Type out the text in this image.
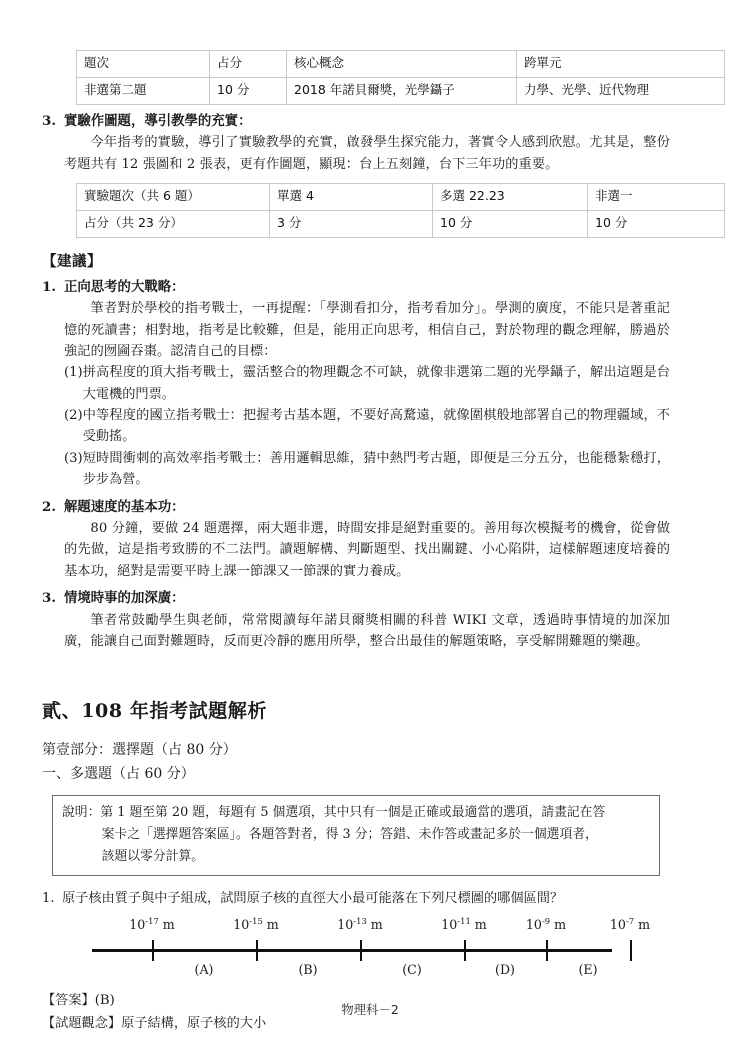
題次	占分	核心概念	跨單元
非選第二題	10 分	2018 年諾貝爾獎，光學鑷子	力學、光學、近代物理
3. 實驗作圖題，導引教學的充實：

今年指考的實驗，導引了實驗教學的充實，啟發學生探究能力，著實令人感到欣慰。尤其是，整份考題共有 12 張圖和 2 張表，更有作圖題，顯現：台上五刻鐘，台下三年功的重要。

實驗題次（共 6 題）	單選 4	多選 22.23	非選一
占分（共 23 分）	3 分	10 分	10 分

【建議】

1. 正向思考的大戰略：

筆者對於學校的指考戰士，一再提醒：「學測看扣分，指考看加分」。學測的廣度，不能只是著重記憶的死讀書；相對地，指考是比較難，但是，能用正向思考，相信自己，對於物理的觀念理解，勝過於強記的囫圇吞棗。認清自己的目標：

(1) 拼高程度的頂大指考戰士，靈活整合的物理觀念不可缺，就像非選第二題的光學鑷子，解出這題是台大電機的門票。
(2) 中等程度的國立指考戰士：把握考古基本題，不要好高騖遠，就像圍棋般地部署自己的物理疆域，不受動搖。
(3) 短時間衝刺的高效率指考戰士：善用邏輯思維，猜中熱門考古題，即便是三分五分，也能穩紮穩打，步步為營。
2. 解題速度的基本功：

80 分鐘，要做 24 題選擇，兩大題非選，時間安排是絕對重要的。善用每次模擬考的機會，從會做的先做，這是指考致勝的不二法門。讀題解構、判斷題型、找出關鍵、小心陷阱，這樣解題速度培養的基本功，絕對是需要平時上課一節課又一節課的實力養成。

3. 情境時事的加深廣：

筆者常鼓勵學生與老師，常常閱讀每年諾貝爾獎相關的科普 WIKI 文章，透過時事情境的加深加廣，能讓自己面對難題時，反而更冷靜的應用所學，整合出最佳的解題策略，享受解開難題的樂趣。

貳、108 年指考試題解析

第壹部分：選擇題（占 80 分）

一、多選題（占 60 分）

說明： 第 1 題至第 20 題，每題有 5 個選項，其中只有一個是正確或最適當的選項，請畫記在答
案卡之「選擇題答案區」。各題答對者，得 3 分；答錯、未作答或畫記多於一個選項者，
該題以零分計算。
1. 原子核由質子與中子組成，試問原子核的直徑大小最可能落在下列尺標圖的哪個區間？
$10^{-17}$ m	$10^{-15}$ m	$10^{-13}$ m	$10^{-11}$ m	$10^{-9}$ m	$10^{-7}$ m
(A)	(B)	(C)	(D)	(E)
【答案】(B)
【試題觀念】原子結構，原子核的大小
物理科－2
